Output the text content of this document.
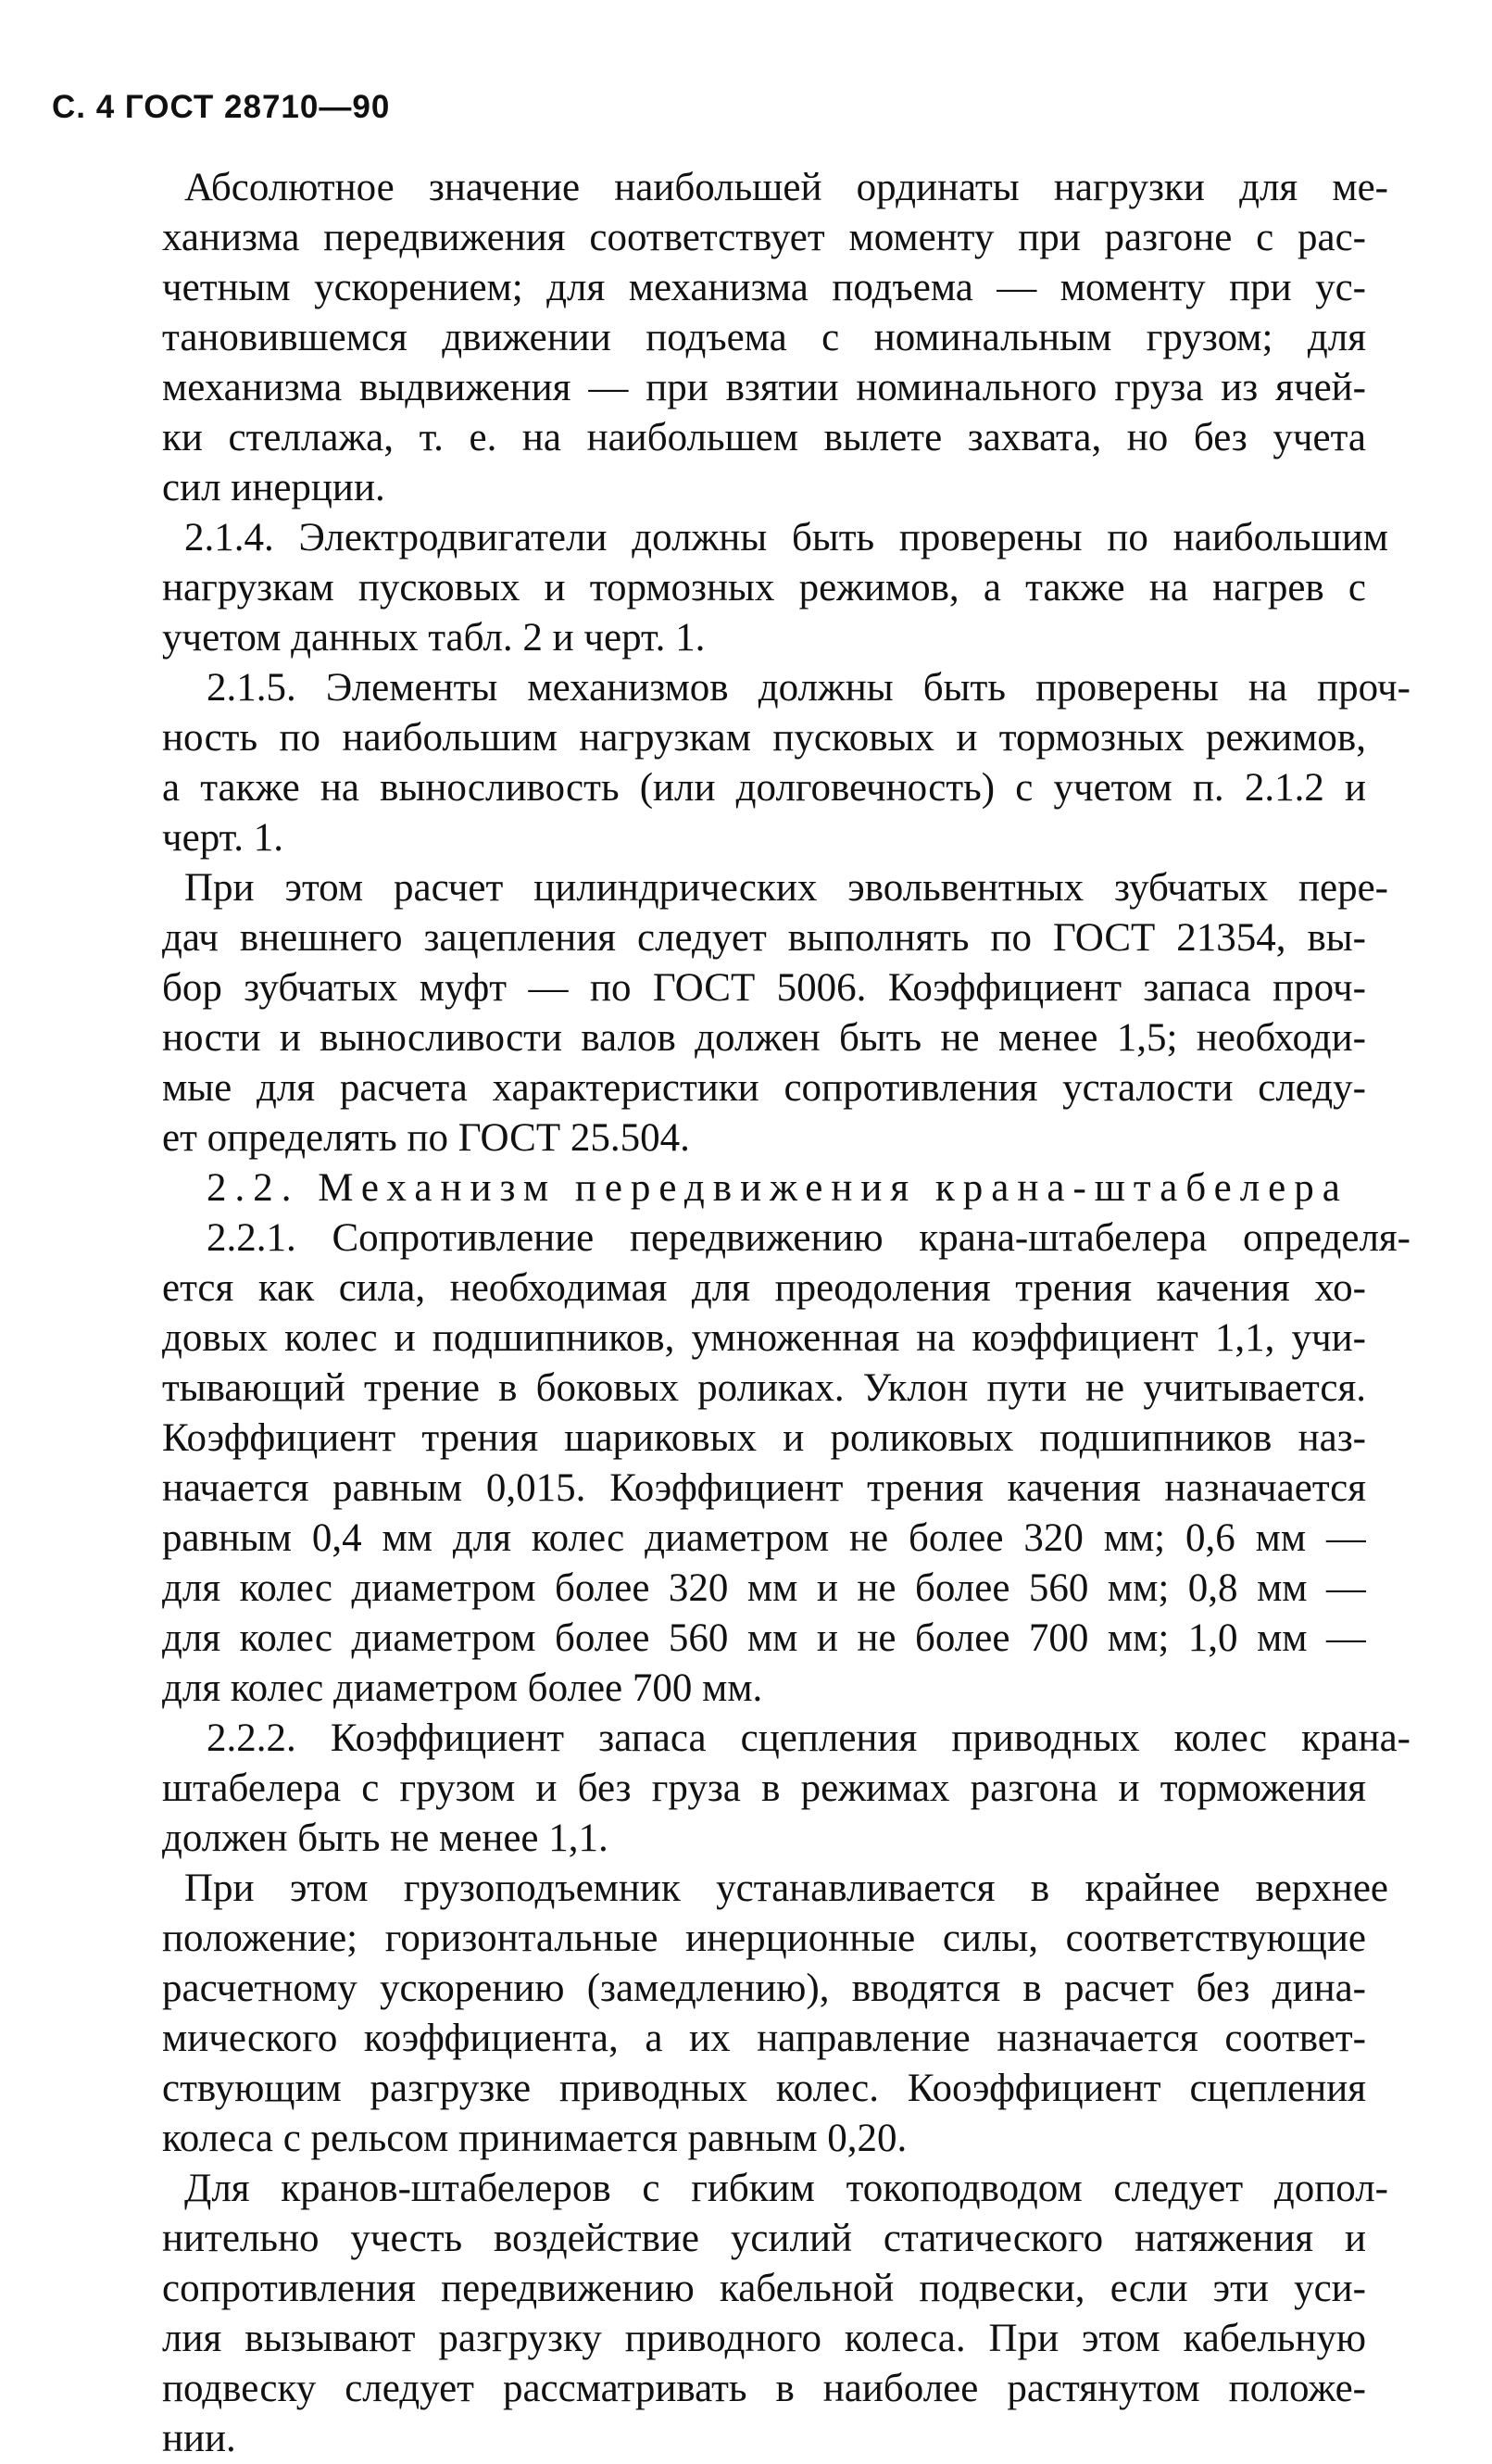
С. 4 ГОСТ 28710—90
Абсолютное значение наибольшей ординаты нагрузки для ме-
ханизма передвижения соответствует моменту при разгоне с рас-
четным ускорением; для механизма подъема — моменту при ус-
тановившемся движении подъема с номинальным грузом; для
механизма выдвижения — при взятии номинального груза из ячей-
ки стеллажа, т. е. на наибольшем вылете захвата, но без учета
сил инерции.
2.1.4. Электродвигатели должны быть проверены по наибольшим
нагрузкам пусковых и тормозных режимов, а также на нагрев с
учетом данных табл. 2 и черт. 1.
2.1.5. Элементы механизмов должны быть проверены на проч-
ность по наибольшим нагрузкам пусковых и тормозных режимов,
а также на выносливость (или долговечность) с учетом п. 2.1.2 и
черт. 1.
При этом расчет цилиндрических эвольвентных зубчатых пере-
дач внешнего зацепления следует выполнять по ГОСТ 21354, вы-
бор зубчатых муфт — по ГОСТ 5006. Коэффициент запаса проч-
ности и выносливости валов должен быть не менее 1,5; необходи-
мые для расчета характеристики сопротивления усталости следу-
ет определять по ГОСТ 25.504.
2.2. Механизм передвижения крана-штабелера
2.2.1. Сопротивление передвижению крана-штабелера определя-
ется как сила, необходимая для преодоления трения качения хо-
довых колес и подшипников, умноженная на коэффициент 1,1, учи-
тывающий трение в боковых роликах. Уклон пути не учитывается.
Коэффициент трения шариковых и роликовых подшипников наз-
начается равным 0,015. Коэффициент трения качения назначается
равным 0,4 мм для колес диаметром не более 320 мм; 0,6 мм —
для колес диаметром более 320 мм и не более 560 мм; 0,8 мм —
для колес диаметром более 560 мм и не более 700 мм; 1,0 мм —
для колес диаметром более 700 мм.
2.2.2. Коэффициент запаса сцепления приводных колес крана-
штабелера с грузом и без груза в режимах разгона и торможения
должен быть не менее 1,1.
При этом грузоподъемник устанавливается в крайнее верхнее
положение; горизонтальные инерционные силы, соответствующие
расчетному ускорению (замедлению), вводятся в расчет без дина-
мического коэффициента, а их направление назначается соответ-
ствующим разгрузке приводных колес. Кооэффициент сцепления
колеса с рельсом принимается равным 0,20.
Для кранов-штабелеров с гибким токоподводом следует допол-
нительно учесть воздействие усилий статического натяжения и
сопротивления передвижению кабельной подвески, если эти уси-
лия вызывают разгрузку приводного колеса. При этом кабельную
подвеску следует рассматривать в наиболее растянутом положе-
нии.
